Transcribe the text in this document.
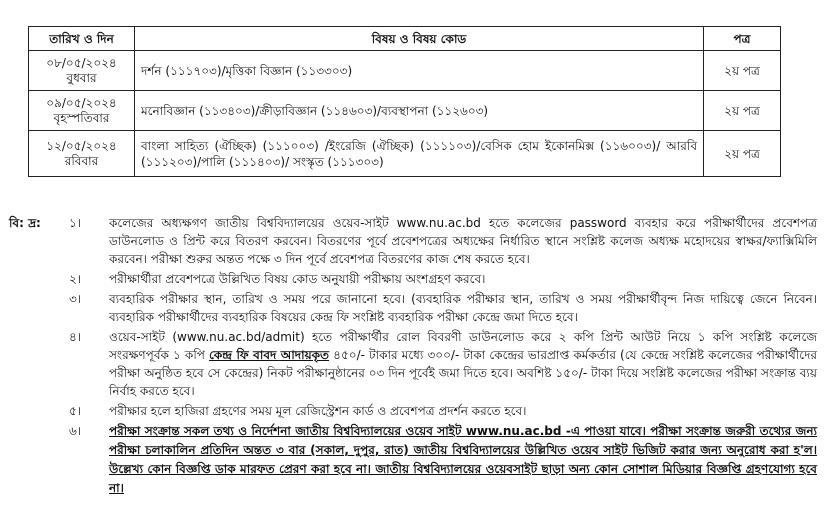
তারিখ ও দিন	বিষয় ও বিষয় কোড	পত্র

০৮/০৫/২০২৪
বুধবার	দর্শন (১১১৭০৩)/মৃত্তিকা বিজ্ঞান (১১৩৩০৩)	২য় পত্র

০৯/০৫/২০২৪
বৃহস্পতিবার	মনোবিজ্ঞান (১১৩৪০৩)/ক্রীড়াবিজ্ঞান (১১৪৬০৩)/ব্যবস্থাপনা (১১২৬০৩)	২য় পত্র

১২/০৫/২০২৪
রবিবার	বাংলা সাহিত্য (ঐচ্ছিক) (১১১০০৩) /ইংরেজি (ঐচ্ছিক) (১১১১০৩)/বেসিক হোম ইকোনমিক্স (১১৬০০৩)/ আরবি (১১১২০৩)/পালি (১১১৪০৩)/ সংস্কৃত (১১১৩০৩)	২য় পত্র
বি: দ্র: ১।	কলেজের অধ্যক্ষগণ জাতীয় বিশ্ববিদ্যালয়ের ওয়েব-সাইট www.nu.ac.bd হতে কলেজের password ব্যবহার করে পরীক্ষার্থীদের প্রবেশপত্র ডাউনলোড ও প্রিন্ট করে বিতরণ করবেন। বিতরণের পূর্বে প্রবেশপত্রের অধ্যক্ষের নির্ধারিত স্থানে সংশ্লিষ্ট কলেজ অধ্যক্ষ মহোদয়ের স্বাক্ষর/ফ্যাক্সিমিলি করবেন। পরীক্ষা শুরুর অন্তত পক্ষে ৩ দিন পূর্বে প্রবেশপত্র বিতরণের কাজ শেষ করতে হবে।
২।	পরীক্ষার্থীরা প্রবেশপত্রে উল্লিখিত বিষয় কোড অনুযায়ী পরীক্ষায় অংশগ্রহণ করবে।
৩।	ব্যবহারিক পরীক্ষার স্থান, তারিখ ও সময় পরে জানানো হবে। (ব্যবহারিক পরীক্ষার স্থান, তারিখ ও সময় পরীক্ষার্থীবৃন্দ নিজ দায়িত্বে জেনে নিবেন। ব্যবহারিক পরীক্ষার্থীদের ব্যবহারিক বিষয়ের কেন্দ্র ফি সংশ্লিষ্ট ব্যবহারিক পরীক্ষা কেন্দ্রে জমা দিতে হবে।
৪।	ওয়েব-সাইট (www.nu.ac.bd/admit) হতে পরীক্ষার্থীর রোল বিবরণী ডাউনলোড করে ২ কপি প্রিন্ট আউট নিয়ে ১ কপি সংশ্লিষ্ট কলেজে সংরক্ষণপূর্বক ১ কপি কেন্দ্র ফি বাবদ আদায়কৃত ৪৫০/- টাকার মধ্যে ৩০০/- টাকা কেন্দ্রের ভারপ্রাপ্ত কর্মকর্তার (যে কেন্দ্রে সংশ্লিষ্ট কলেজের পরীক্ষার্থীদের পরীক্ষা অনুষ্ঠিত হবে সে কেন্দ্রের) নিকট পরীক্ষানুষ্ঠানের ০৩ দিন পূর্বেই জমা দিতে হবে। অবশিষ্ট ১৫০/- টাকা দিয়ে সংশ্লিষ্ট কলেজের পরীক্ষা সংক্রান্ত ব্যয় নির্বাহ করতে হবে।
৫।	পরীক্ষার হলে হাজিরা গ্রহণের সময় মূল রেজিস্ট্রেশন কার্ড ও প্রবেশপত্র প্রদর্শন করতে হবে।
৬।	পরীক্ষা সংক্রান্ত সকল তথ্য ও নির্দেশনা জাতীয় বিশ্ববিদ্যালয়ের ওয়েব সাইট www.nu.ac.bd -এ পাওয়া যাবে। পরীক্ষা সংক্রান্ত জরুরী তথ্যের জন্য পরীক্ষা চলাকালিন প্রতিদিন অন্তত ৩ বার (সকাল, দুপুর, রাত) জাতীয় বিশ্ববিদ্যালয়ের উল্লিখিত ওয়েব সাইট ভিজিট করার জন্য অনুরোধ করা হ'ল। উল্লেখ্য কোন বিজ্ঞপ্তি ডাক মারফত প্রেরণ করা হবে না। জাতীয় বিশ্ববিদ্যালয়ের ওয়েবসাইট ছাড়া অন্য কোন সোশাল মিডিয়ার বিজ্ঞপ্তি গ্রহণযোগ্য হবে না।
